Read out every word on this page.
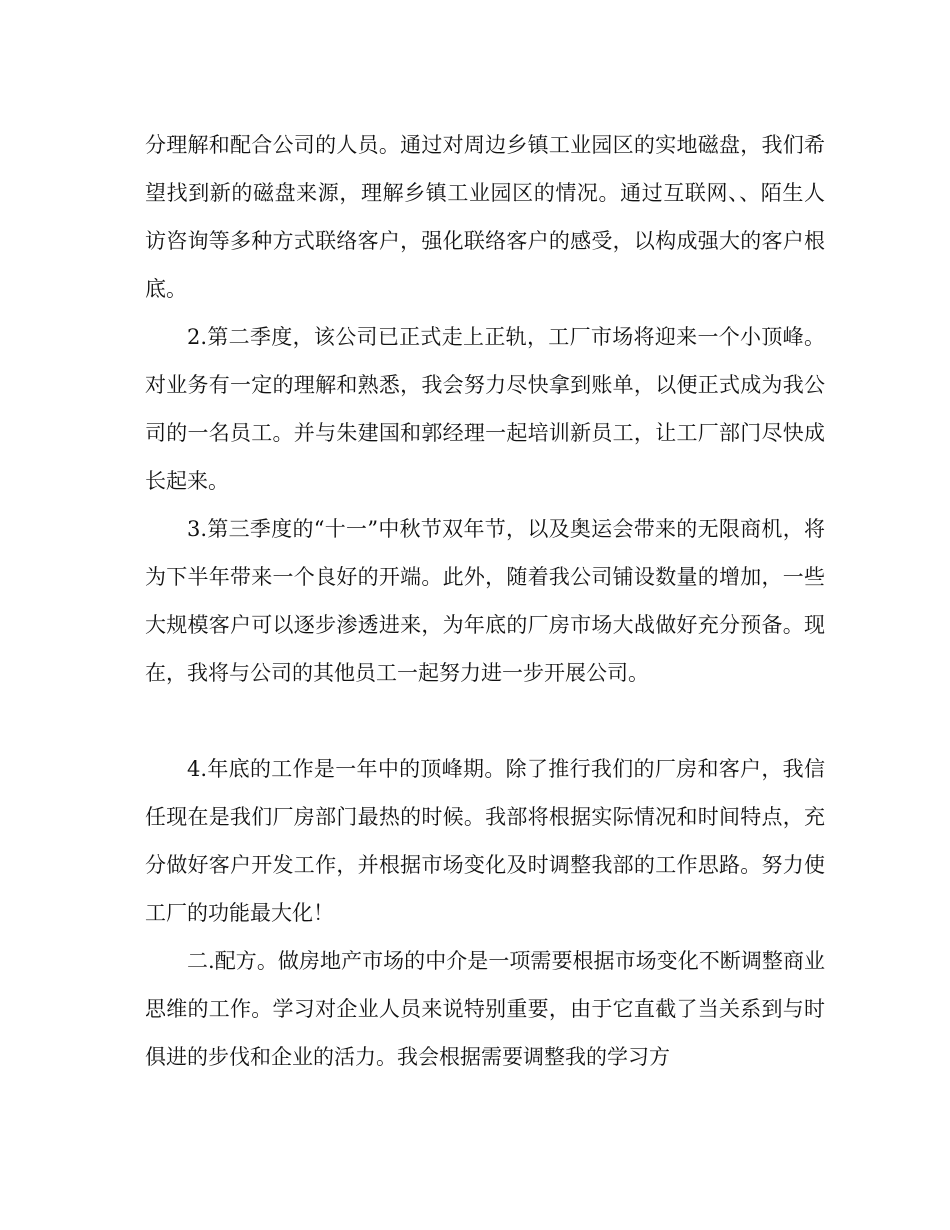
分理解和配合公司的人员。通过对周边乡镇工业园区的实地磁盘，我们希望找到新的磁盘来源，理解乡镇工业园区的情况。通过互联网、、陌生人访咨询等多种方式联络客户，强化联络客户的感受，以构成强大的客户根底。

2.第二季度，该公司已正式走上正轨，工厂市场将迎来一个小顶峰。对业务有一定的理解和熟悉，我会努力尽快拿到账单，以便正式成为我公司的一名员工。并与朱建国和郭经理一起培训新员工，让工厂部门尽快成长起来。

3.第三季度的“十一”中秋节双年节，以及奥运会带来的无限商机，将为下半年带来一个良好的开端。此外，随着我公司铺设数量的增加，一些大规模客户可以逐步渗透进来，为年底的厂房市场大战做好充分预备。现在，我将与公司的其他员工一起努力进一步开展公司。

4.年底的工作是一年中的顶峰期。除了推行我们的厂房和客户，我信任现在是我们厂房部门最热的时候。我部将根据实际情况和时间特点，充分做好客户开发工作，并根据市场变化及时调整我部的工作思路。努力使工厂的功能最大化！

二.配方。做房地产市场的中介是一项需要根据市场变化不断调整商业思维的工作。学习对企业人员来说特别重要，由于它直截了当关系到与时俱进的步伐和企业的活力。我会根据需要调整我的学习方
